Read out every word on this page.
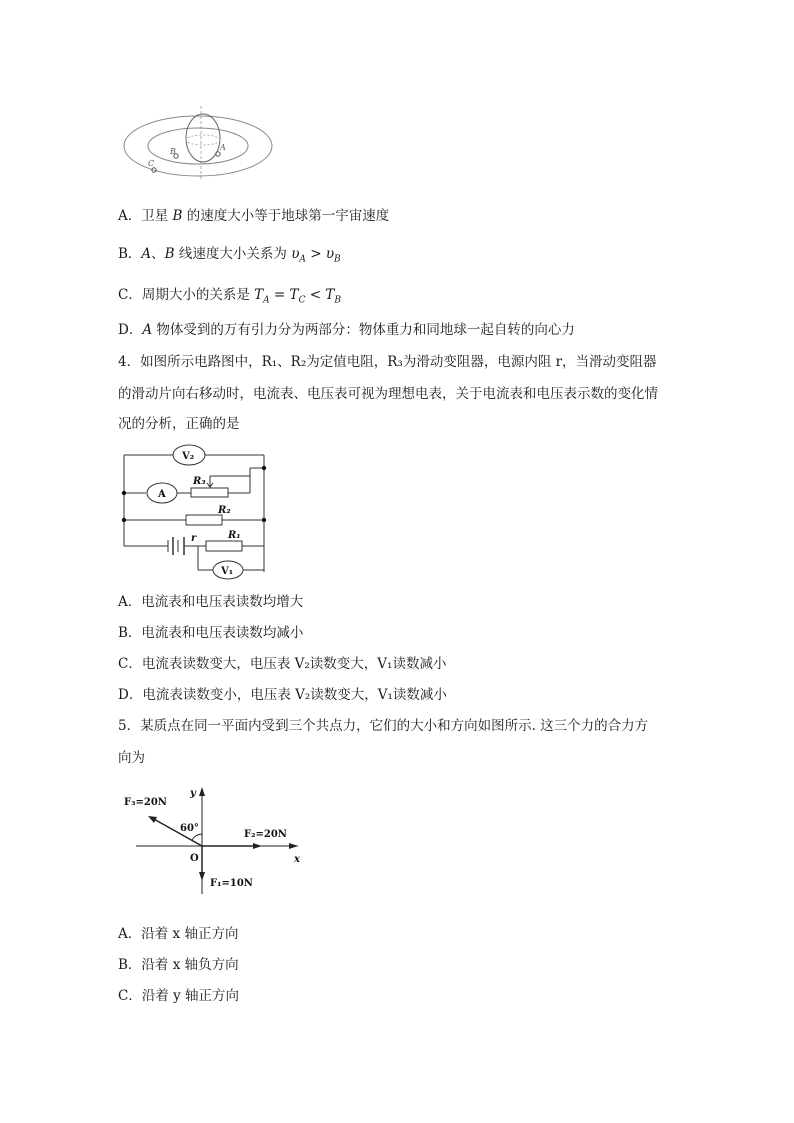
C
B	A
A．卫星 B 的速度大小等于地球第一宇宙速度
B．A、B 线速度大小关系为 $\upsilon_A > \upsilon_B$
C．周期大小的关系是 $T_A = T_C < T_B$
D．A 物体受到的万有引力分为两部分：物体重力和同地球一起自转的向心力
4．如图所示电路图中，R₁、R₂为定值电阻，R₃为滑动变阻器，电源内阻 r，当滑动变阻器
的滑动片向右移动时，电流表、电压表可视为理想电表，关于电流表和电压表示数的变化情
况的分析，正确的是
V₂
A
R₃
R₂
r	R₁
V₁
A．电流表和电压表读数均增大
B．电流表和电压表读数均减小
C．电流表读数变大，电压表 V₂读数变大，V₁读数减小
D．电流表读数变小，电压表 V₂读数变大，V₁读数减小
5．某质点在同一平面内受到三个共点力，它们的大小和方向如图所示. 这三个力的合力方
向为
F₃=20N
60°
F₂=20N
O
F₁=10N
x
y
A．沿着 x 轴正方向
B．沿着 x 轴负方向
C．沿着 y 轴正方向
